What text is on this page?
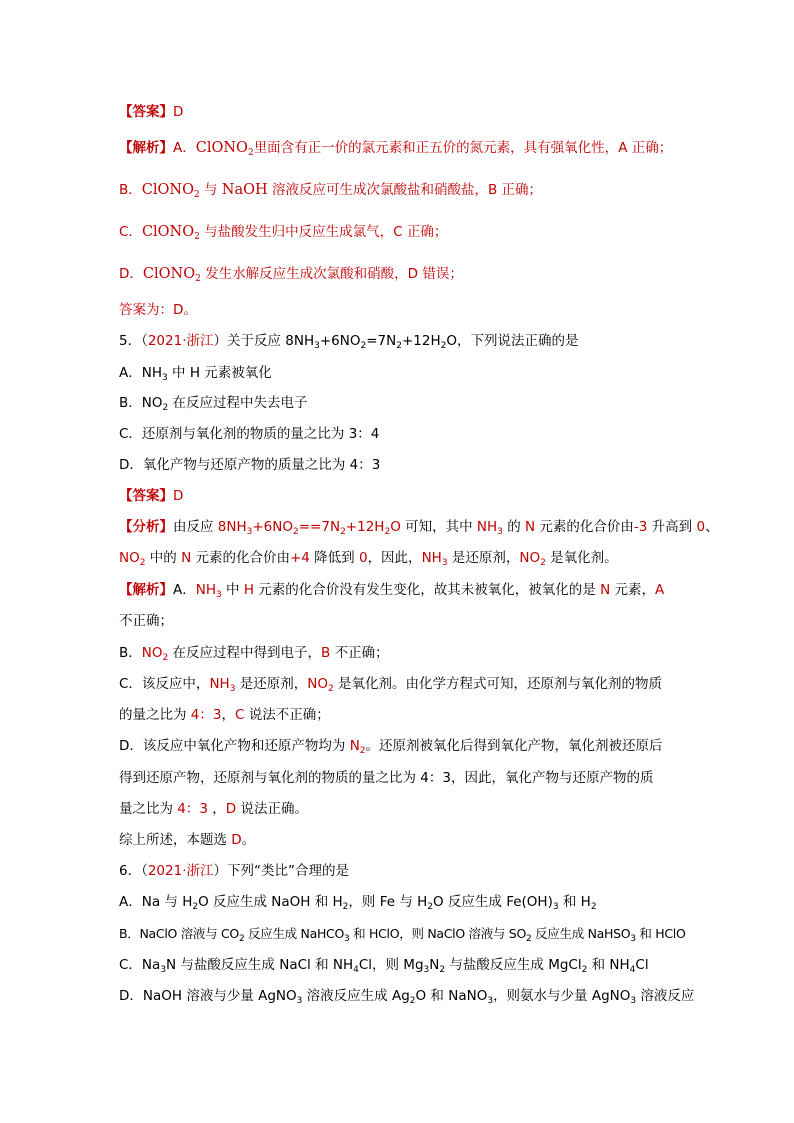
【答案】D
【解析】A．ClONO$_2$里面含有正一价的氯元素和正五价的氮元素，具有强氧化性，A 正确；
B．ClONO$_2$ 与 NaOH 溶液反应可生成次氯酸盐和硝酸盐，B 正确；
C．ClONO$_2$ 与盐酸发生归中反应生成氯气，C 正确；
D．ClONO$_2$ 发生水解反应生成次氯酸和硝酸，D 错误；
答案为：D。
5．（2021·浙江）关于反应 $8NH_3+6NO_2=7N_2+12H_2O$，下列说法正确的是
A．$NH_3$ 中 H 元素被氧化
B．$NO_2$ 在反应过程中失去电子
C．还原剂与氧化剂的物质的量之比为 3：4
D．氧化产物与还原产物的质量之比为 4：3
【答案】D
【分析】由反应 $8NH_3+6NO_2==7N_2+12H_2O$ 可知，其中 $NH_3$ 的 N 元素的化合价由-3 升高到 0、
$NO_2$ 中的 N 元素的化合价由+4 降低到 0，因此，$NH_3$ 是还原剂，$NO_2$ 是氧化剂。
【解析】A．$NH_3$ 中 H 元素的化合价没有发生变化，故其未被氧化，被氧化的是 N 元素，A
不正确；
B．$NO_2$ 在反应过程中得到电子，B 不正确；
C．该反应中，$NH_3$ 是还原剂，$NO_2$ 是氧化剂。由化学方程式可知，还原剂与氧化剂的物质
的量之比为 4：3，C 说法不正确；
D．该反应中氧化产物和还原产物均为 $N_2$。还原剂被氧化后得到氧化产物，氧化剂被还原后
得到还原产物，还原剂与氧化剂的物质的量之比为 4：3，因此，氧化产物与还原产物的质
量之比为 4：3 ，D 说法正确。
综上所述，本题选 D。
6．（2021·浙江）下列“类比”合理的是
A．Na 与 $H_2O$ 反应生成 NaOH 和 $H_2$，则 Fe 与 $H_2O$ 反应生成 $Fe(OH)_3$ 和 $H_2$
B．NaClO 溶液与 $CO_2$ 反应生成 NaHCO$_3$ 和 HClO，则 NaClO 溶液与 $SO_2$ 反应生成 NaHSO$_3$ 和 HClO
C．$Na_3N$ 与盐酸反应生成 NaCl 和 $NH_4Cl$，则 $Mg_3N_2$ 与盐酸反应生成 MgCl$_2$ 和 $NH_4Cl$
D．NaOH 溶液与少量 AgNO$_3$ 溶液反应生成 $Ag_2O$ 和 NaNO$_3$，则氨水与少量 AgNO$_3$ 溶液反应
